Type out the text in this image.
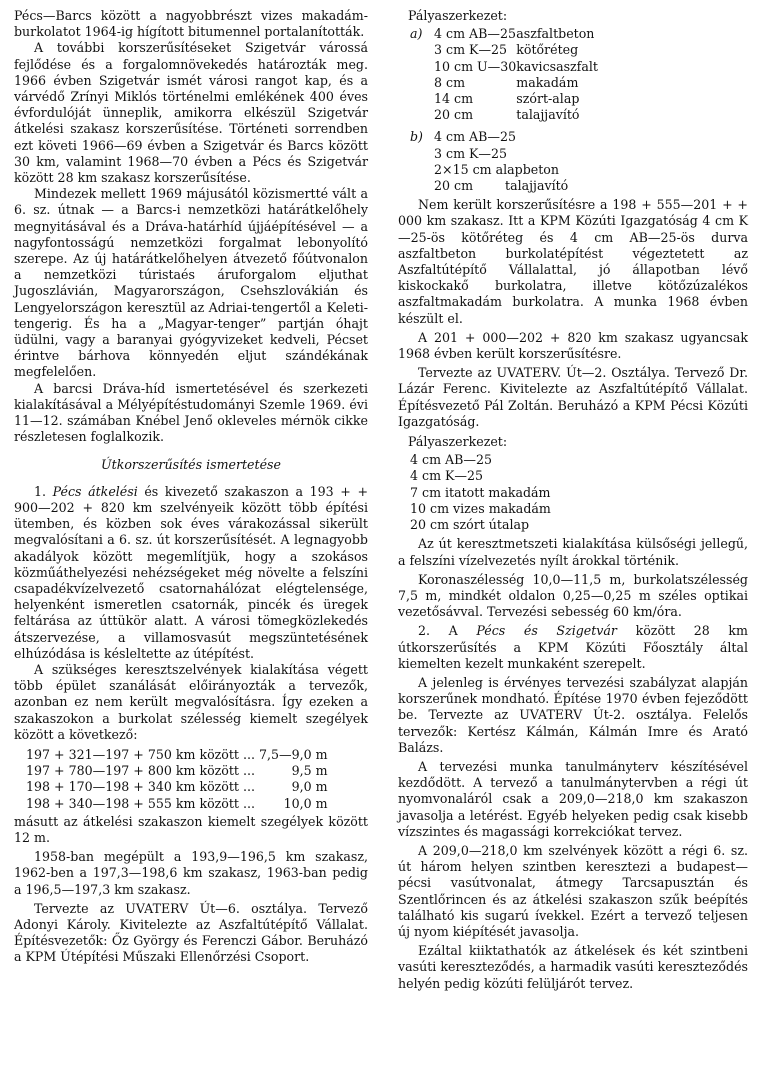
Pécs—Barcs között a nagyobbrészt vizes makadám-burkolatot 1964-ig hígított bitumennel portalanították.

A további korszerűsítéseket Szigetvár várossá fejlődése és a forgalomnövekedés határozták meg. 1966 évben Szigetvár ismét városi rangot kap, és a várvédő Zrínyi Miklós történelmi emlékének 400 éves évfordulóját ünneplik, amikorra elkészül Szigetvár átkelési szakasz korszerűsítése. Történeti sorrendben ezt követi 1966—69 évben a Szigetvár és Barcs között 30 km, valamint 1968—70 évben a Pécs és Szigetvár között 28 km szakasz korszerűsítése.

Mindezek mellett 1969 májusától közismertté vált a 6. sz. útnak — a Barcs-i nemzetközi határátkelőhely megnyitásával és a Dráva-határhíd újjáépítésével — a nagyfontosságú nemzetközi forgalmat lebonyolító szerepe. Az új határátkelőhelyen átvezető főútvonalon a nemzetközi túristaés áruforgalom eljuthat Jugoszlávián, Magyarországon, Csehszlovákián és Lengyelországon keresztül az Adriai-tengertől a Keleti-tengerig. És ha a „Magyar-tenger” partján óhajt üdülni, vagy a baranyai gyógyvizeket kedveli, Pécset érintve bárhova könnyedén eljut szándékának megfelelően.

A barcsi Dráva-híd ismertetésével és szerkezeti kialakításával a Mélyépítéstudományi Szemle 1969. évi 11—12. számában Knébel Jenő okleveles mérnök cikke részletesen foglalkozik.

Útkorszerűsítés ismertetése

1. Pécs átkelési és kivezető szakaszon a 193 + + 900—202 + 820 km szelvényeik között több építési ütemben, és közben sok éves várakozással sikerült megvalósítani a 6. sz. út korszerűsítését. A legnagyobb akadályok között megemlítjük, hogy a szokásos közműáthelyezési nehézségeket még növelte a felszíni csapadékvízelvezető csatornahálózat elégtelensége, helyenként ismeretlen csatornák, pincék és üregek feltárása az úttükör alatt. A városi tömegközlekedés átszervezése, a villamosvasút megszüntetésének elhúzódása is késleltette az útépítést.

A szükséges keresztszelvények kialakítása végett több épület szanálását előirányozták a tervezők, azonban ez nem került megvalósításra. Így ezeken a szakaszokon a burkolat szélesség kiemelt szegélyek között a következő:

197 + 321—197 + 750 km között	...	7,5—9,0 m
197 + 780—197 + 800 km között	...	9,5 m
198 + 170—198 + 340 km között	...	9,0 m
198 + 340—198 + 555 km között	...	10,0 m

másutt az átkelési szakaszon kiemelt szegélyek között 12 m.

1958-ban megépült a 193,9—196,5 km szakasz, 1962-ben a 197,3—198,6 km szakasz, 1963-ban pedig a 196,5—197,3 km szakasz.

Tervezte az UVATERV Út—6. osztálya. Tervező Adonyi Károly. Kivitelezte az Aszfaltútépítő Vállalat. Építésvezetők: Őz György és Ferenczi Gábor. Beruházó a KPM Útépítési Műszaki Ellenőrzési Csoport.

Pályaszerkezet:
a)	4 cm AB—25	aszfaltbeton
	3 cm K—25	kötőréteg
	10 cm U—30	kavicsaszfalt
	8 cm	makadám
	14 cm	szórt-alap
	20 cm	talajjavító
b)	4 cm AB—25
	3 cm K—25
	2×15 cm alapbeton
	20 cm        talajjavító

Nem került korszerűsítésre a 198 + 555—201 + + 000 km szakasz. Itt a KPM Közúti Igazgatóság 4 cm K—25-ös kötőréteg és 4 cm AB—25-ös durva aszfaltbeton burkolatépítést végeztetett az Aszfaltútépítő Vállalattal, jó állapotban lévő kiskockakő burkolatra, illetve kötőzúzalékos aszfaltmakadám burkolatra. A munka 1968 évben készült el.

A 201 + 000—202 + 820 km szakasz ugyancsak 1968 évben került korszerűsítésre.

Tervezte az UVATERV. Út—2. Osztálya. Tervező Dr. Lázár Ferenc. Kivitelezte az Aszfaltútépítő Vállalat. Építésvezető Pál Zoltán. Beruházó a KPM Pécsi Közúti Igazgatóság.

Pályaszerkezet:
4 cm AB—25
4 cm K—25
7 cm itatott makadám
10 cm vizes makadám
20 cm szórt útalap

Az út keresztmetszeti kialakítása külsőségi jellegű, a felszíni vízelvezetés nyílt árokkal történik.

Koronaszélesség 10,0—11,5 m, burkolatszélesség 7,5 m, mindkét oldalon 0,25—0,25 m széles optikai vezetősávval. Tervezési sebesség 60 km/óra.

2. A Pécs és Szigetvár között 28 km útkorszerűsítés a KPM Közúti Főosztály által kiemelten kezelt munkaként szerepelt.

A jelenleg is érvényes tervezési szabályzat alapján korszerűnek mondható. Építése 1970 évben fejeződött be. Tervezte az UVATERV Út-2. osztálya. Felelős tervezők: Kertész Kálmán, Kálmán Imre és Arató Balázs.

A tervezési munka tanulmányterv készítésével kezdődött. A tervező a tanulmánytervben a régi út nyomvonaláról csak a 209,0—218,0 km szakaszon javasolja a letérést. Egyéb helyeken pedig csak kisebb vízszintes és magassági korrekciókat tervez.

A 209,0—218,0 km szelvények között a régi 6. sz. út három helyen szintben keresztezi a budapest—pécsi vasútvonalat, átmegy Tarcsapusztán és Szentlőrincen és az átkelési szakaszon szűk beépítés található kis sugarú ívekkel. Ezért a tervező teljesen új nyom kiépítését javasolja.

Ezáltal kiiktathatók az átkelések és két szintbeni vasúti kereszteződés, a harmadik vasúti kereszteződés helyén pedig közúti felüljárót tervez.
